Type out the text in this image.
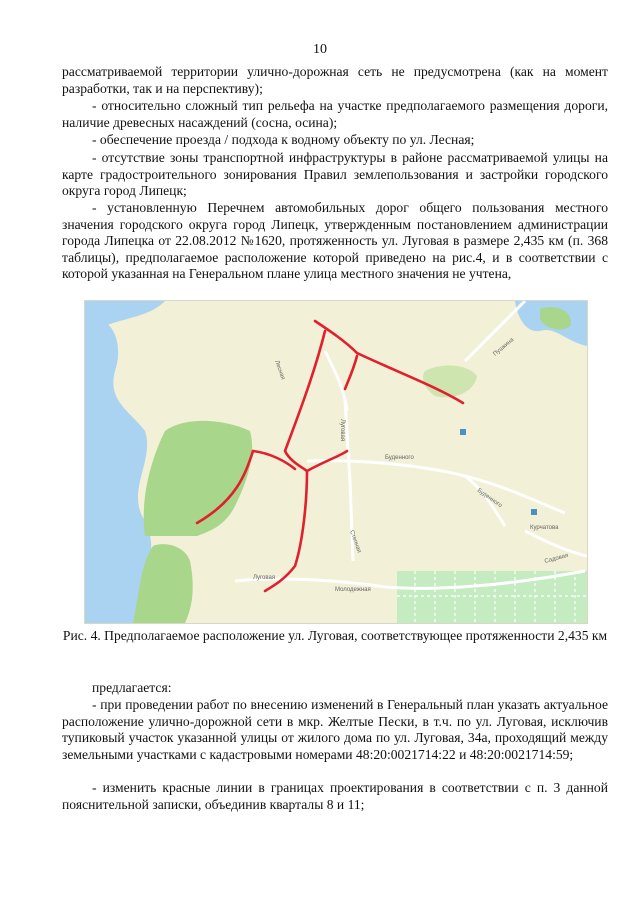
10

рассматриваемой территории улично-дорожная сеть не предусмотрена (как на момент разработки, так и на перспективу);

- относительно сложный тип рельефа на участке предполагаемого размещения дороги, наличие древесных насаждений (сосна, осина);

- обеспечение проезда / подхода к водному объекту по ул. Лесная;

- отсутствие зоны транспортной инфраструктуры в районе рассматриваемой улицы на карте градостроительного зонирования Правил землепользования и застройки городского округа город Липецк;

- установленную Перечнем автомобильных дорог общего пользования местного значения городского округа город Липецк, утвержденным постановлением администрации города Липецка от 22.08.2012 №1620, протяженность ул. Луговая в размере 2,435 км (п. 368 таблицы), предполагаемое расположение которой приведено на рис.4, и в соответствии с которой указанная на Генеральном плане улица местного значения не учтена,

Луговая
Луговая
Буденного
Буденного
Пушкина
Курчатова
Садовая
Степная
Молодежная
Лесная

Рис. 4. Предполагаемое расположение ул. Луговая, соответствующее протяженности 2,435 км

предлагается:

- при проведении работ по внесению изменений в Генеральный план указать актуальное расположение улично-дорожной сети в мкр. Желтые Пески, в т.ч. по ул. Луговая, исключив тупиковый участок указанной улицы от жилого дома по ул. Луговая, 34а, проходящий между земельными участками с кадастровыми номерами 48:20:0021714:22 и 48:20:0021714:59;

- изменить красные линии в границах проектирования в соответствии с п. 3 данной пояснительной записки, объединив кварталы 8 и 11;
